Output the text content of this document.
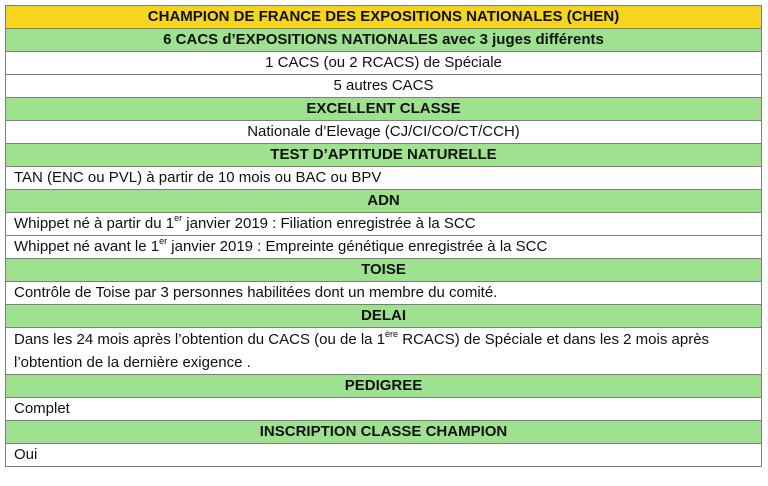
CHAMPION DE FRANCE DES EXPOSITIONS NATIONALES (CHEN)
6 CACS d’EXPOSITIONS NATIONALES avec 3 juges différents
1 CACS (ou 2 RCACS) de Spéciale
5 autres CACS
EXCELLENT CLASSE
Nationale d’Elevage (CJ/CI/CO/CT/CCH)
TEST D’APTITUDE NATURELLE
TAN (ENC ou PVL) à partir de 10 mois ou BAC ou BPV
ADN
Whippet né à partir du 1er janvier 2019 : Filiation enregistrée à la SCC
Whippet né avant le 1er janvier 2019 : Empreinte génétique enregistrée à la SCC
TOISE
Contrôle de Toise par 3 personnes habilitées dont un membre du comité.
DELAI
Dans les 24 mois après l’obtention du CACS (ou de la 1ère RCACS) de Spéciale et dans les 2 mois après l’obtention de la dernière exigence .
PEDIGREE
Complet
INSCRIPTION CLASSE CHAMPION
Oui
